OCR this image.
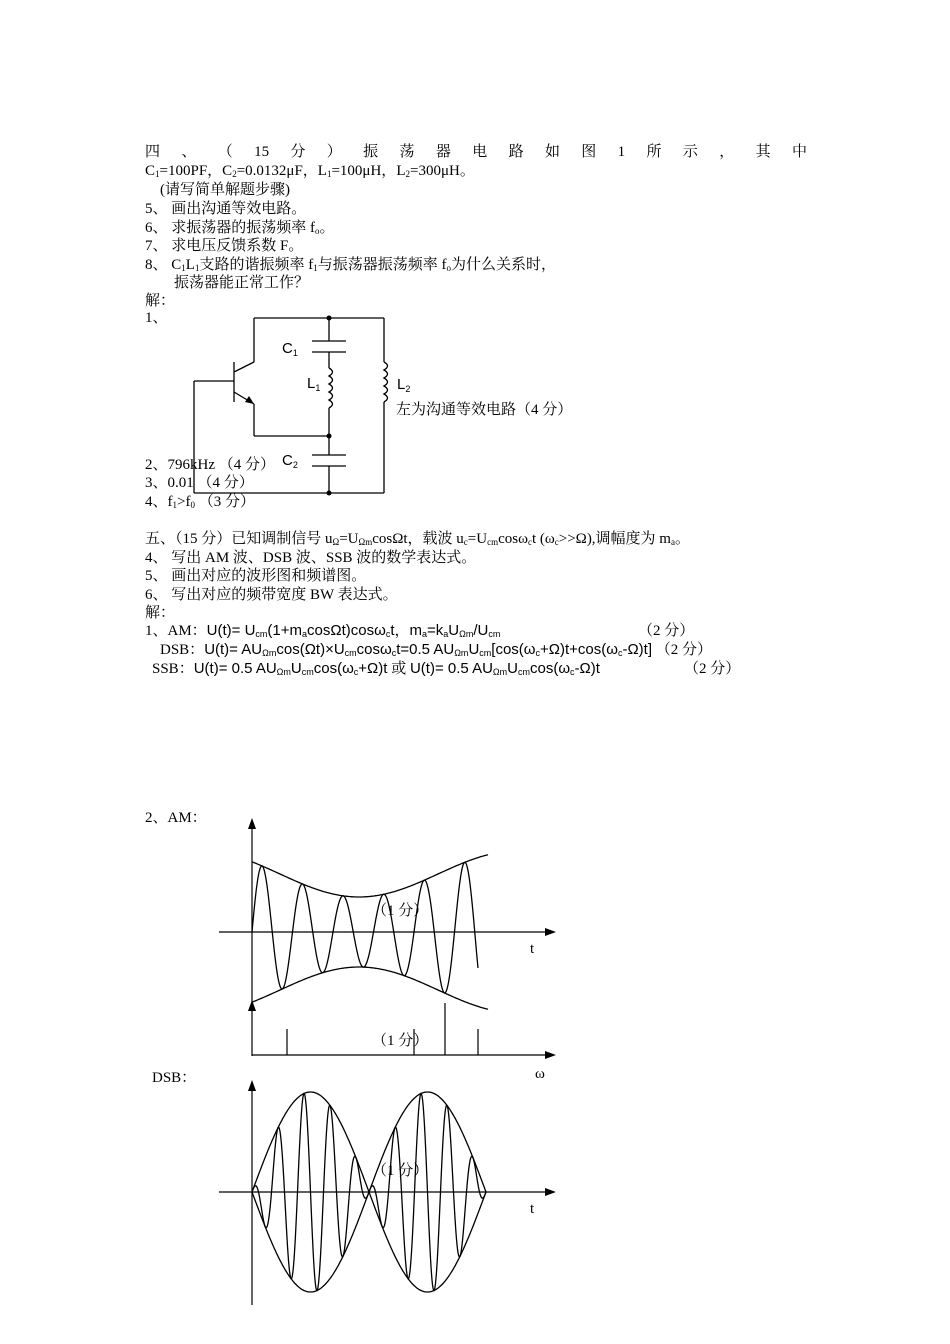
四 、 （ 15 分 ） 振 荡 器 电 路 如 图 1 所 示 ， 其 中
$C_1=100PF$，$C_2=0.0132\mu F$，$L_1=100\mu H$，$L_2=300\mu H$。
(请写简单解题步骤)
5、 画出沟通等效电路。
6、 求振荡器的振荡频率 $f_o$。
7、 求电压反馈系数 F。
8、 $C_1L_1$支路的谐振频率 $f_1$与振荡器振荡频率 $f_o$为什么关系时，
振荡器能正常工作？
解：
1、
$C_1$
$L_1$	$L_2$
$C_2$
左为沟通等效电路（4 分）
2、796kHz （4 分）
3、0.01 （4 分）
4、$f_1>f_0$ （3 分）
五、（15 分）已知调制信号 $u_\Omega=U_{\Omega m}\cos\Omega t$，载波 $u_c=U_{cm}\cos\omega_ct$ $(\omega_c>>\Omega)$,调幅度为 $m_a$。
4、 写出 AM 波、DSB 波、SSB 波的数学表达式。
5、 画出对应的波形图和频谱图。
6、 写出对应的频带宽度 BW 表达式。
解：
1、AM：$U(t)= U_{cm}(1+m_a\cos\Omega t)\cos\omega_ct$，$m_a=k_aU_{\Omega m}/U_{cm}$	（2 分）
DSB：$U(t)= AU_{\Omega m}\cos(\Omega t)\times U_{cm}\cos\omega_ct=0.5$ $AU_{\Omega m}U_{cm}[\cos(\omega_c+\Omega)t+\cos(\omega_c-\Omega)t]$ （2 分）
SSB：U(t)= 0.5 $AU_{\Omega m}U_{cm}\cos(\omega_c+\Omega)t$ 或 U(t)= 0.5 $AU_{\Omega m}U_{cm}\cos(\omega_c-\Omega)t$	（2 分）
2、AM：
DSB：
（1 分）
t
（1 分）
ω
（1 分）
t
